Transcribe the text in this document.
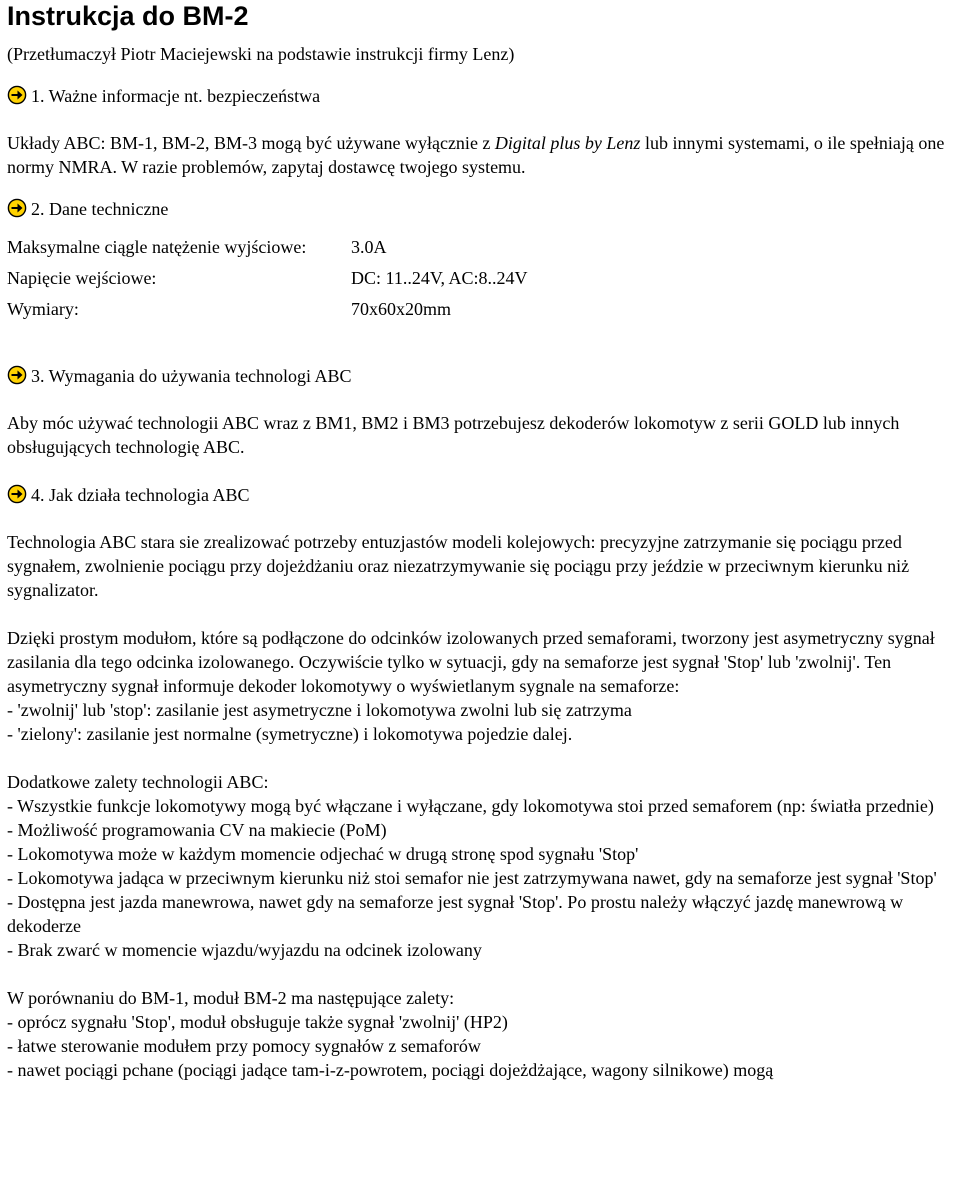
Instrukcja do BM-2

(Przetłumaczył Piotr Maciejewski na podstawie instrukcji firmy Lenz)

1. Ważne informacje nt. bezpieczeństwa

Układy ABC: BM-1, BM-2, BM-3 mogą być używane wyłącznie z Digital plus by Lenz lub innymi systemami, o ile spełniają one normy NMRA. W razie problemów, zapytaj dostawcę twojego systemu.

2. Dane techniczne
Maksymalne ciągle natężenie wyjściowe:	3.0A
Napięcie wejściowe:	DC: 11..24V, AC:8..24V
Wymiary:	70x60x20mm
3. Wymagania do używania technologi ABC

Aby móc używać technologii ABC wraz z BM1, BM2 i BM3 potrzebujesz dekoderów lokomotyw z serii GOLD lub innych obsługujących technologię ABC.

4. Jak działa technologia ABC

Technologia ABC stara sie zrealizować potrzeby entuzjastów modeli kolejowych: precyzyjne zatrzymanie się pociągu przed sygnałem, zwolnienie pociągu przy dojeżdżaniu oraz niezatrzymywanie się pociągu przy jeździe w przeciwnym kierunku niż sygnalizator.

Dzięki prostym modułom, które są podłączone do odcinków izolowanych przed semaforami, tworzony jest asymetryczny sygnał zasilania dla tego odcinka izolowanego. Oczywiście tylko w sytuacji, gdy na semaforze jest sygnał 'Stop' lub 'zwolnij'. Ten asymetryczny sygnał informuje dekoder lokomotywy o wyświetlanym sygnale na semaforze:
- 'zwolnij' lub 'stop': zasilanie jest asymetryczne i lokomotywa zwolni lub się zatrzyma
- 'zielony': zasilanie jest normalne (symetryczne) i lokomotywa pojedzie dalej.

Dodatkowe zalety technologii ABC:
- Wszystkie funkcje lokomotywy mogą być włączane i wyłączane, gdy lokomotywa stoi przed semaforem (np: światła przednie)
- Możliwość programowania CV na makiecie (PoM)
- Lokomotywa może w każdym momencie odjechać w drugą stronę spod sygnału 'Stop'
- Lokomotywa jadąca w przeciwnym kierunku niż stoi semafor nie jest zatrzymywana nawet, gdy na semaforze jest sygnał 'Stop'
- Dostępna jest jazda manewrowa, nawet gdy na semaforze jest sygnał 'Stop'. Po prostu należy włączyć jazdę manewrową w dekoderze
- Brak zwarć w momencie wjazdu/wyjazdu na odcinek izolowany

W porównaniu do BM-1, moduł BM-2 ma następujące zalety:
- oprócz sygnału 'Stop', moduł obsługuje także sygnał 'zwolnij' (HP2)
- łatwe sterowanie modułem przy pomocy sygnałów z semaforów
- nawet pociągi pchane (pociągi jadące tam-i-z-powrotem, pociągi dojeżdżające, wagony silnikowe) mogą
